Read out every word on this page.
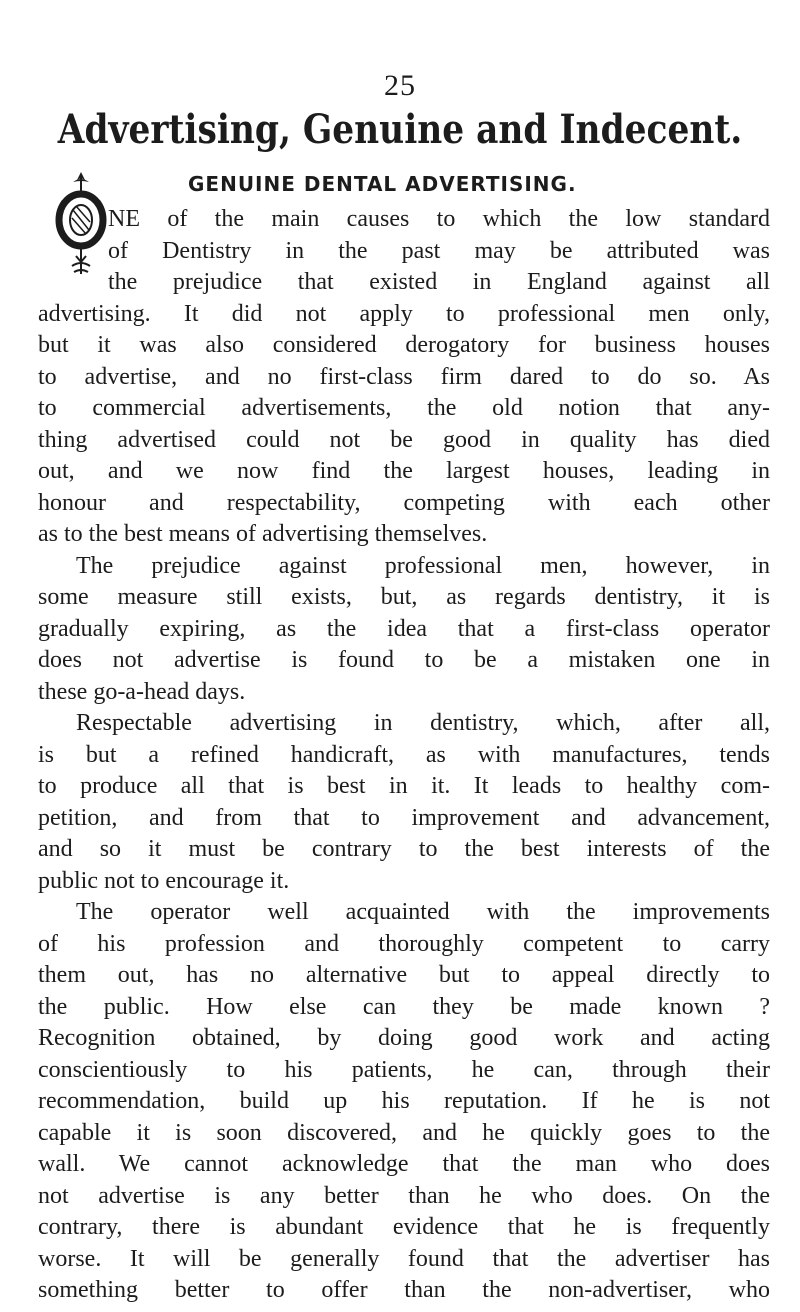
25
Advertising, Genuine and Indecent.
GENUINE DENTAL ADVERTISING.
NE of the main causes to which the low standard
of Dentistry in the past may be attributed was
the prejudice that existed in England against all
advertising. It did not apply to professional men only,
but it was also considered derogatory for business houses
to advertise, and no first-class firm dared to do so. As
to commercial advertisements, the old notion that any-
thing advertised could not be good in quality has died
out, and we now find the largest houses, leading in
honour and respectability, competing with each other
as to the best means of advertising themselves.
The prejudice against professional men, however, in
some measure still exists, but, as regards dentistry, it is
gradually expiring, as the idea that a first-class operator
does not advertise is found to be a mistaken one in
these go-a-head days.
Respectable advertising in dentistry, which, after all,
is but a refined handicraft, as with manufactures, tends
to produce all that is best in it. It leads to healthy com-
petition, and from that to improvement and advancement,
and so it must be contrary to the best interests of the
public not to encourage it.
The operator well acquainted with the improvements
of his profession and thoroughly competent to carry
them out, has no alternative but to appeal directly to
the public. How else can they be made known ?
Recognition obtained, by doing good work and acting
conscientiously to his patients, he can, through their
recommendation, build up his reputation. If he is not
capable it is soon discovered, and he quickly goes to the
wall. We cannot acknowledge that the man who does
not advertise is any better than he who does. On the
contrary, there is abundant evidence that he is frequently
worse. It will be generally found that the advertiser has
something better to offer than the non-advertiser, who
